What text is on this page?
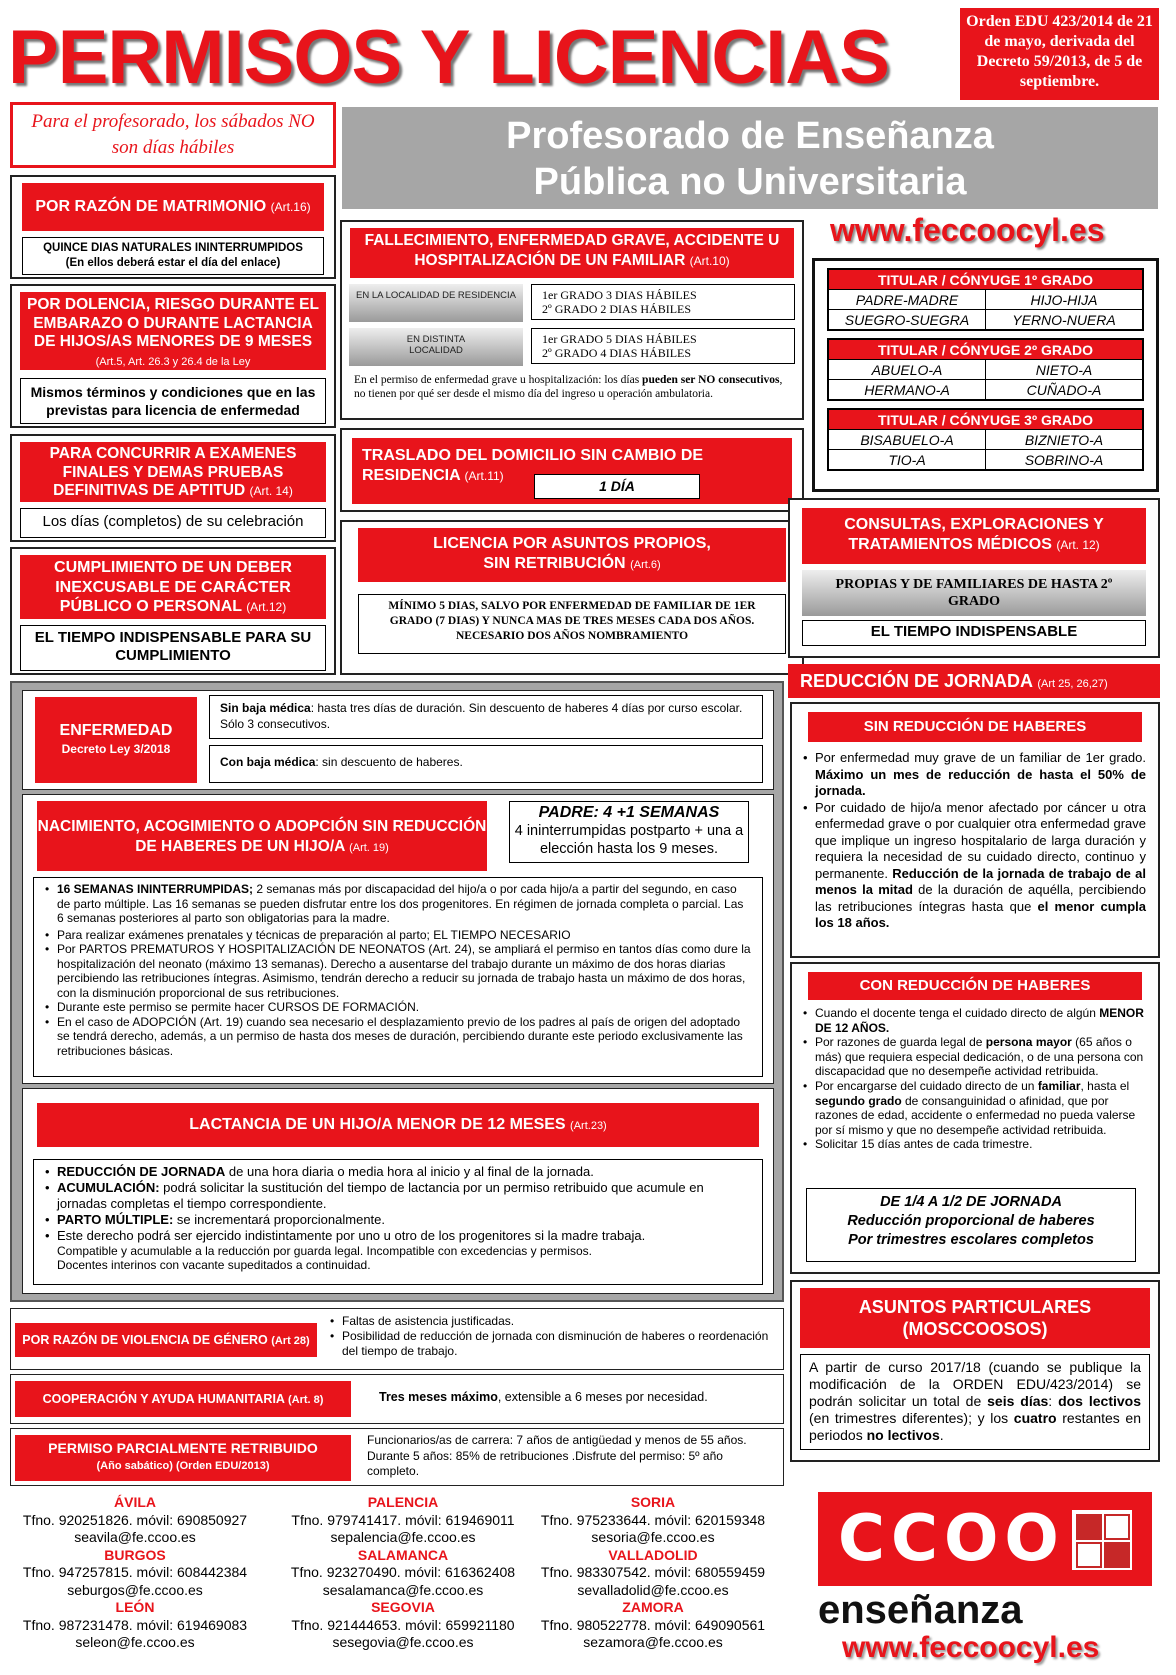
PERMISOS Y LICENCIAS	Orden EDU 423/2014 de 21 de mayo, derivada del Decreto 59/2013, de 5 de septiembre.
Para el profesorado, los sábados NO son días hábiles	Profesorado de Enseñanza
Pública no Universitaria
www.feccoocyl.es
POR RAZÓN DE MATRIMONIO (Art.16)
QUINCE DIAS NATURALES ININTERRUMPIDOS
(En ellos deberá estar el día del enlace)
POR DOLENCIA, RIESGO DURANTE EL EMBARAZO O DURANTE LACTANCIA DE HIJOS/AS MENORES DE 9 MESES (Art.5, Art. 26.3 y 26.4 de la Ley
Mismos términos y condiciones que en las previstas para licencia de enfermedad
PARA CONCURRIR A EXAMENES FINALES Y DEMAS PRUEBAS DEFINITIVAS DE APTITUD (Art. 14)
Los días (completos) de su celebración
CUMPLIMIENTO DE UN DEBER INEXCUSABLE DE CARÁCTER PÚBLICO O PERSONAL (Art.12)
EL TIEMPO INDISPENSABLE PARA SU CUMPLIMIENTO
FALLECIMIENTO, ENFERMEDAD GRAVE, ACCIDENTE U HOSPITALIZACIÓN DE UN FAMILIAR (Art.10)
EN LA LOCALIDAD DE RESIDENCIA	1er GRADO 3 DIAS HÁBILES
2º GRADO 2 DIAS HÁBILES
EN DISTINTA LOCALIDAD
1er GRADO 5 DIAS HÁBILES
2º GRADO 4 DIAS HÁBILES
En el permiso de enfermedad grave u hospitalización: los días pueden ser NO consecutivos, no tienen por qué ser desde el mismo día del ingreso u operación ambulatoria.
TRASLADO DEL DOMICILIO SIN CAMBIO DE RESIDENCIA (Art.11)
1 DÍA
LICENCIA POR ASUNTOS PROPIOS,
SIN RETRIBUCIÓN (Art.6)
MÍNIMO 5 DIAS, SALVO POR ENFERMEDAD DE FAMILIAR DE 1ER GRADO (7 DIAS) Y NUNCA MAS DE TRES MESES CADA DOS AÑOS. NECESARIO DOS AÑOS NOMBRAMIENTO
TITULAR / CÓNYUGE 1º GRADO	
PADRE-MADRE	HIJO-HIJA
SUEGRO-SUEGRA	YERNO-NUERA
TITULAR / CÓNYUGE 2º GRADO	
ABUELO-A	NIETO-A
HERMANO-A	CUÑADO-A
TITULAR / CÓNYUGE 3º GRADO	
BISABUELO-A	BIZNIETO-A
TIO-A	SOBRINO-A
CONSULTAS, EXPLORACIONES Y TRATAMIENTOS MÉDICOS (Art. 12)
PROPIAS Y DE FAMILIARES DE HASTA 2º GRADO
EL TIEMPO INDISPENSABLE
REDUCCIÓN DE JORNADA (Art 25, 26,27)
SIN REDUCCIÓN DE HABERES
• Por enfermedad muy grave de un familiar de 1er grado. Máximo un mes de reducción de hasta el 50% de jornada.
• Por cuidado de hijo/a menor afectado por cáncer u otra enfermedad grave o por cualquier otra enfermedad grave que implique un ingreso hospitalario de larga duración y requiera la necesidad de su cuidado directo, continuo y permanente. Reducción de la jornada de trabajo de al menos la mitad de la duración de aquélla, percibiendo las retribuciones íntegras hasta que el menor cumpla los 18 años.
CON REDUCCIÓN DE HABERES
• Cuando el docente tenga el cuidado directo de algún MENOR DE 12 AÑOS.
• Por razones de guarda legal de persona mayor (65 años o más) que requiera especial dedicación, o de una persona con discapacidad que no desempeñe actividad retribuida.
• Por encargarse del cuidado directo de un familiar, hasta el segundo grado de consanguinidad o afinidad, que por razones de edad, accidente o enfermedad no pueda valerse por sí mismo y que no desempeñe actividad retribuida.
• Solicitar 15 días antes de cada trimestre.
DE 1/4 A 1/2 DE JORNADA
Reducción proporcional de haberes
Por trimestres escolares completos
ASUNTOS PARTICULARES
(MOSCCOOSOS)
A partir de curso 2017/18 (cuando se publique la modificación de la ORDEN EDU/423/2014) se podrán solicitar un total de seis días: dos lectivos (en trimestres diferentes); y los cuatro restantes en periodos no lectivos.
ENFERMEDAD
Decreto Ley 3/2018
Sin baja médica: hasta tres días de duración. Sin descuento de haberes 4 días por curso escolar. Sólo 3 consecutivos.
Con baja médica: sin descuento de haberes.
NACIMIENTO, ACOGIMIENTO O ADOPCIÓN SIN REDUCCIÓN DE HABERES DE UN HIJO/A (Art. 19)
PADRE: 4 +1 SEMANAS
4 ininterrumpidas postparto + una a elección hasta los 9 meses.
• 16 SEMANAS ININTERRUMPIDAS; 2 semanas más por discapacidad del hijo/a o por cada hijo/a a partir del segundo, en caso de parto múltiple. Las 16 semanas se pueden disfrutar entre los dos progenitores. En régimen de jornada completa o parcial. Las 6 semanas posteriores al parto son obligatorias para la madre.
• Para realizar exámenes prenatales y técnicas de preparación al parto; EL TIEMPO NECESARIO
• Por PARTOS PREMATUROS Y HOSPITALIZACIÓN DE NEONATOS (Art. 24), se ampliará el permiso en tantos días como dure la hospitalización del neonato (máximo 13 semanas). Derecho a ausentarse del trabajo durante un máximo de dos horas diarias percibiendo las retribuciones íntegras. Asimismo, tendrán derecho a reducir su jornada de trabajo hasta un máximo de dos horas, con la disminución proporcional de sus retribuciones.
• Durante este permiso se permite hacer CURSOS DE FORMACIÓN.
• En el caso de ADOPCIÓN (Art. 19) cuando sea necesario el desplazamiento previo de los padres al país de origen del adoptado se tendrá derecho, además, a un permiso de hasta dos meses de duración, percibiendo durante este periodo exclusivamente las retribuciones básicas.
LACTANCIA DE UN HIJO/A MENOR DE 12 MESES (Art.23)
• REDUCCIÓN DE JORNADA de una hora diaria o media hora al inicio y al final de la jornada.
• ACUMULACIÓN: podrá solicitar la sustitución del tiempo de lactancia por un permiso retribuido que acumule en jornadas completas el tiempo correspondiente.
• PARTO MÚLTIPLE: se incrementará proporcionalmente.
• Este derecho podrá ser ejercido indistintamente por uno u otro de los progenitores si la madre trabaja.
Compatible y acumulable a la reducción por guarda legal. Incompatible con excedencias y permisos.
Docentes interinos con vacante supeditados a continuidad.
POR RAZÓN DE VIOLENCIA DE GÉNERO (Art 28)
• Faltas de asistencia justificadas.
• Posibilidad de reducción de jornada con disminución de haberes o reordenación del tiempo de trabajo.
COOPERACIÓN Y AYUDA HUMANITARIA (Art. 8)	Tres meses máximo, extensible a 6 meses por necesidad.
PERMISO PARCIALMENTE RETRIBUIDO
(Año sabático) (Orden EDU/2013)
Funcionarios/as de carrera: 7 años de antigüedad y menos de 55 años. Durante 5 años: 85% de retribuciones .Disfrute del permiso: 5º año completo.
ÁVILA
Tfno. 920251826. móvil: 690850927
seavila@fe.ccoo.es
BURGOS
Tfno. 947257815. móvil: 608442384
seburgos@fe.ccoo.es
LEÓN
Tfno. 987231478. móvil: 619469083
seleon@fe.ccoo.es
PALENCIA
Tfno. 979741417. móvil: 619469011
sepalencia@fe.ccoo.es
SALAMANCA
Tfno. 923270490. móvil: 616362408
sesalamanca@fe.ccoo.es
SEGOVIA
Tfno. 921444653. móvil: 659921180
sesegovia@fe.ccoo.es
SORIA
Tfno. 975233644. móvil: 620159348
sesoria@fe.ccoo.es
VALLADOLID
Tfno. 983307542. móvil: 680559459
sevalladolid@fe.ccoo.es
ZAMORA
Tfno. 980522778. móvil: 649090561
sezamora@fe.ccoo.es
CCOO
enseñanza
www.feccoocyl.es
